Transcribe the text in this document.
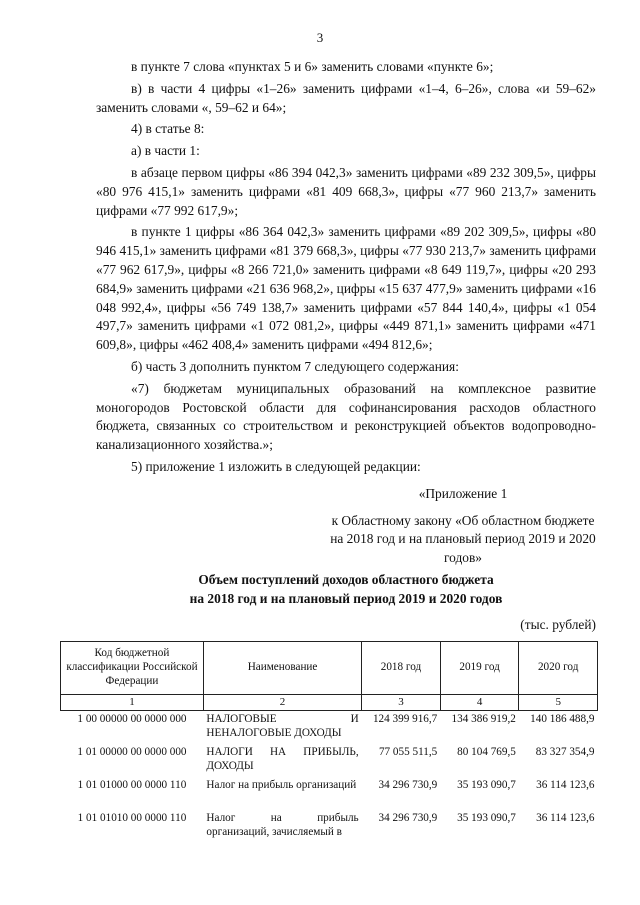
3

в пункте 7 слова «пунктах 5 и 6» заменить словами «пункте 6»;

в) в части 4 цифры «1–26» заменить цифрами «1–4, 6–26», слова «и 59–62» заменить словами «, 59–62 и 64»;

4) в статье 8:

а) в части 1:

в абзаце первом цифры «86 394 042,3» заменить цифрами «89 232 309,5», цифры «80 976 415,1» заменить цифрами «81 409 668,3», цифры «77 960 213,7» заменить цифрами «77 992 617,9»;

в пункте 1 цифры «86 364 042,3» заменить цифрами «89 202 309,5», цифры «80 946 415,1» заменить цифрами «81 379 668,3», цифры «77 930 213,7» заменить цифрами «77 962 617,9», цифры «8 266 721,0» заменить цифрами «8 649 119,7», цифры «20 293 684,9» заменить цифрами «21 636 968,2», цифры «15 637 477,9» заменить цифрами «16 048 992,4», цифры «56 749 138,7» заменить цифрами «57 844 140,4», цифры «1 054 497,7» заменить цифрами «1 072 081,2», цифры «449 871,1» заменить цифрами «471 609,8», цифры «462 408,4» заменить цифрами «494 812,6»;

б) часть 3 дополнить пунктом 7 следующего содержания:

«7) бюджетам муниципальных образований на комплексное развитие моногородов Ростовской области для софинансирования расходов областного бюджета, связанных со строительством и реконструкцией объектов водопроводно-канализационного хозяйства.»;

5) приложение 1 изложить в следующей редакции:

«Приложение 1
к Областному закону «Об областном бюджете на 2018 год и на плановый период 2019 и 2020 годов»
Объем поступлений доходов областного бюджета
на 2018 год и на плановый период 2019 и 2020 годов
(тыс. рублей)
Код бюджетной классификации Российской Федерации	Наименование	2018 год	2019 год	2020 год
1	2	3	4	5
1 00 00000 00 0000 000	НАЛОГОВЫЕ И НЕНАЛОГОВЫЕ ДОХОДЫ	124 399 916,7	134 386 919,2	140 186 488,9
1 01 00000 00 0000 000	НАЛОГИ НА ПРИБЫЛЬ, ДОХОДЫ	77 055 511,5	80 104 769,5	83 327 354,9
1 01 01000 00 0000 110	Налог на прибыль организаций	34 296 730,9	35 193 090,7	36 114 123,6
1 01 01010 00 0000 110	Налог на прибыль организаций, зачисляемый в	34 296 730,9	35 193 090,7	36 114 123,6
